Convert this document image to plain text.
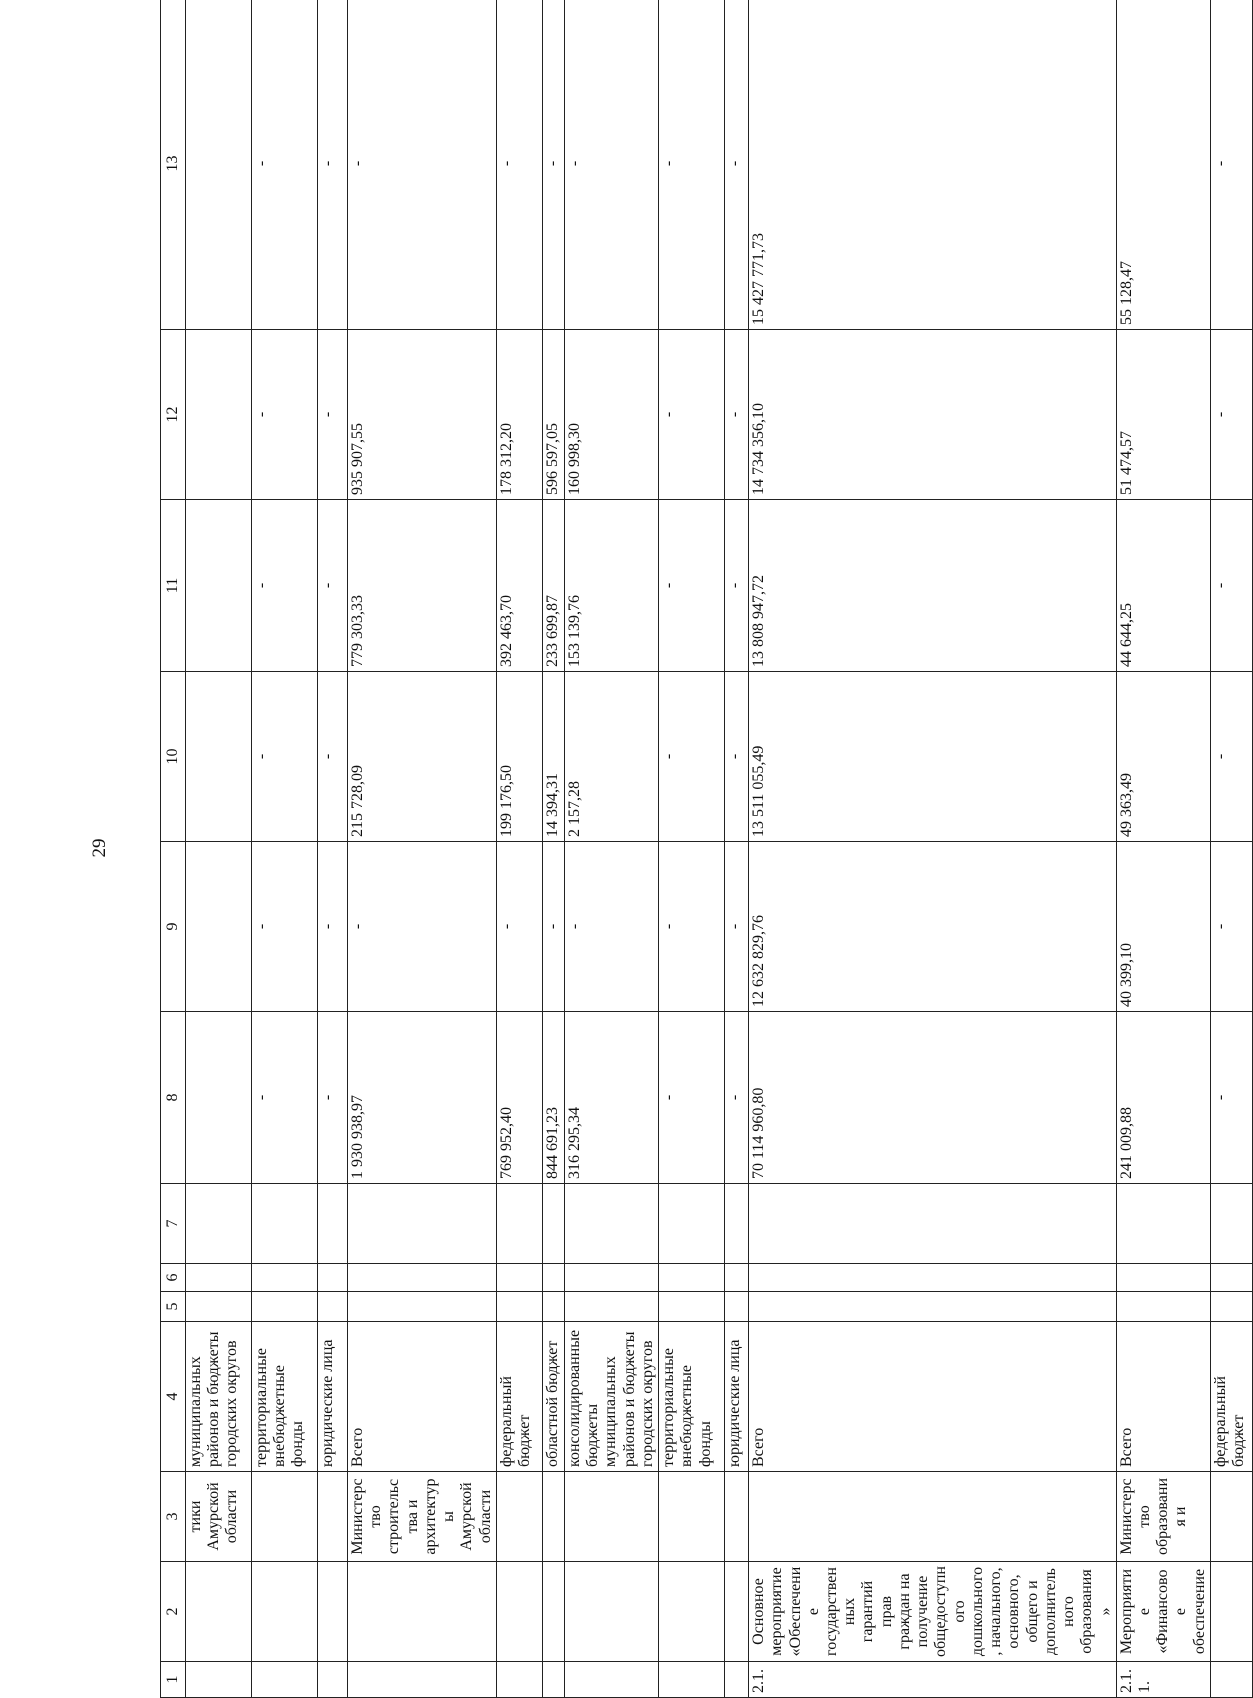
29
1	2	3	4	5	6	7	8	9	10	11	12	13
		тики Амурской области	муниципальных районов и бюджеты городских округов									
			территориальные внебюджетные фонды				-	-	-	-	-	-
			юридические лица				-	-	-	-	-	-
		Министерство строительства и архитектуры Амурской области	Всего				1 930 938,97	-	215 728,09	779 303,33	935 907,55	-
			федеральный бюджет				769 952,40	-	199 176,50	392 463,70	178 312,20	-
			областной бюджет				844 691,23	-	14 394,31	233 699,87	596 597,05	-
			консолидированные бюджеты муниципальных районов и бюджеты городских округов				316 295,34	-	2 157,28	153 139,76	160 998,30	-
			территориальные внебюджетные фонды				-	-	-	-	-	-
			юридические лица				-	-	-	-	-	-
2.1.	Основное мероприятие «Обеспечение государственных гарантий прав граждан на получение общедоступного дошкольного, начального, основного, общего и дополнительного образования»		Всего				70 114 960,80	12 632 829,76	13 511 055,49	13 808 947,72	14 734 356,10	15 427 771,73
2.1.1.	Мероприятие «Финансовое обеспечение	Министерство образования и	Всего				241 009,88	40 399,10	49 363,49	44 644,25	51 474,57	55 128,47
			федеральный бюджет				-	-	-	-	-	-
